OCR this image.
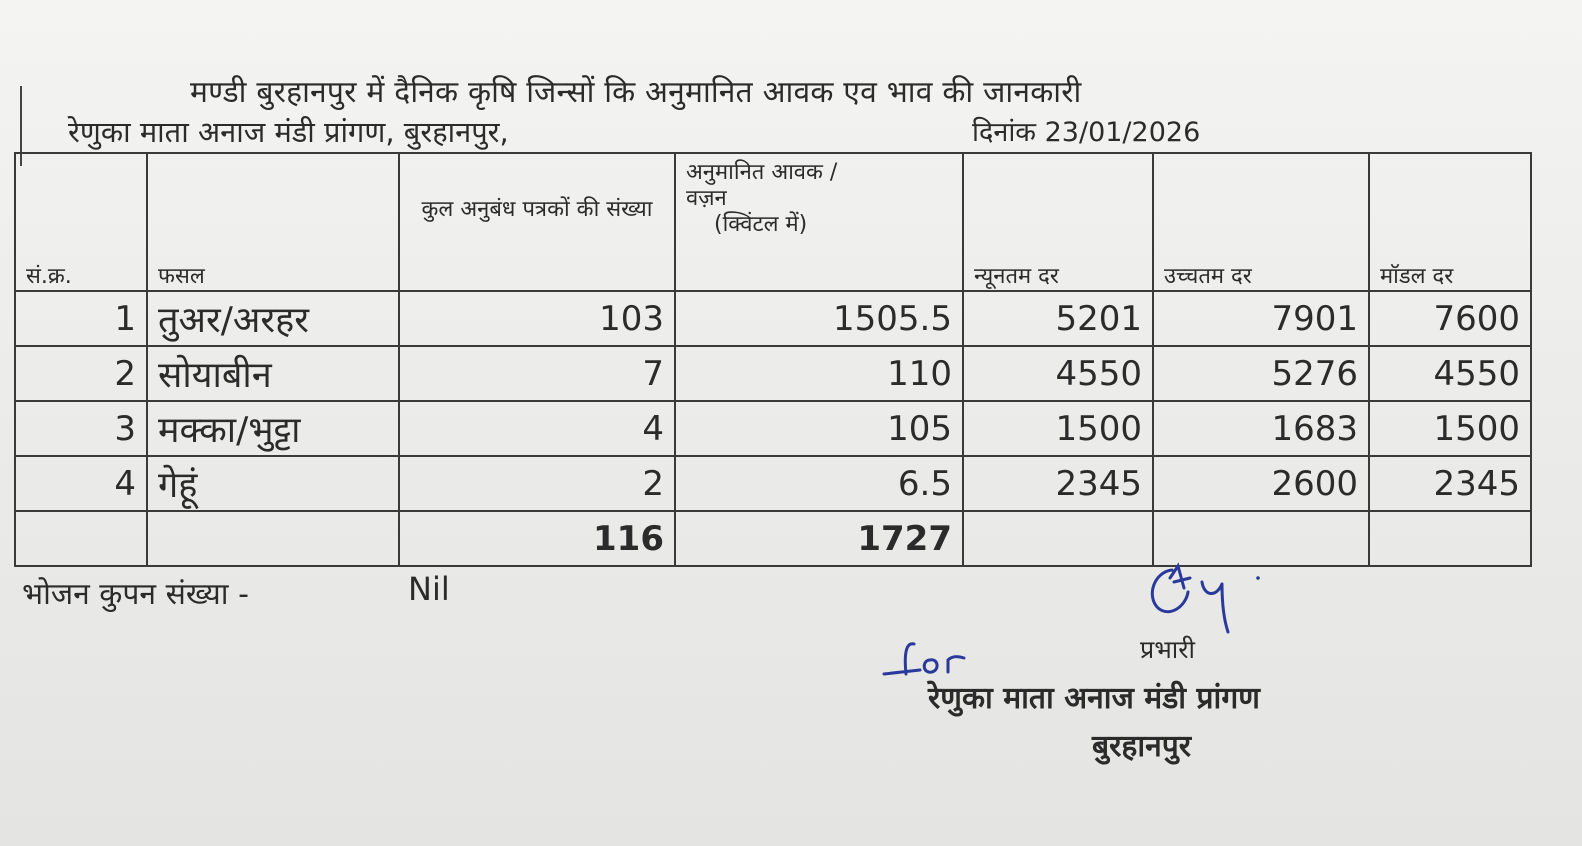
मण्डी बुरहानपुर में दैनिक कृषि जिन्सों कि अनुमानित आवक एव भाव की जानकारी
रेणुका माता अनाज मंडी प्रांगण, बुरहानपुर,	दिनांक 23/01/2026
सं.क्र.	फसल	कुल अनुबंध पत्रकों की संख्या	अनुमानित आवक /
वज़न
(क्विंटल में)	न्यूनतम दर	उच्चतम दर	मॉडल दर
1	तुअर/अरहर	103	1505.5	5201	7901	7600
2	सोयाबीन	7	110	4550	5276	4550
3	मक्का/भुट्टा	4	105	1500	1683	1500
4	गेहूं	2	6.5	2345	2600	2345
		116	1727			
भोजन कुपन संख्या -	Nil
प्रभारी
रेणुका माता अनाज मंडी प्रांगण
बुरहानपुर
